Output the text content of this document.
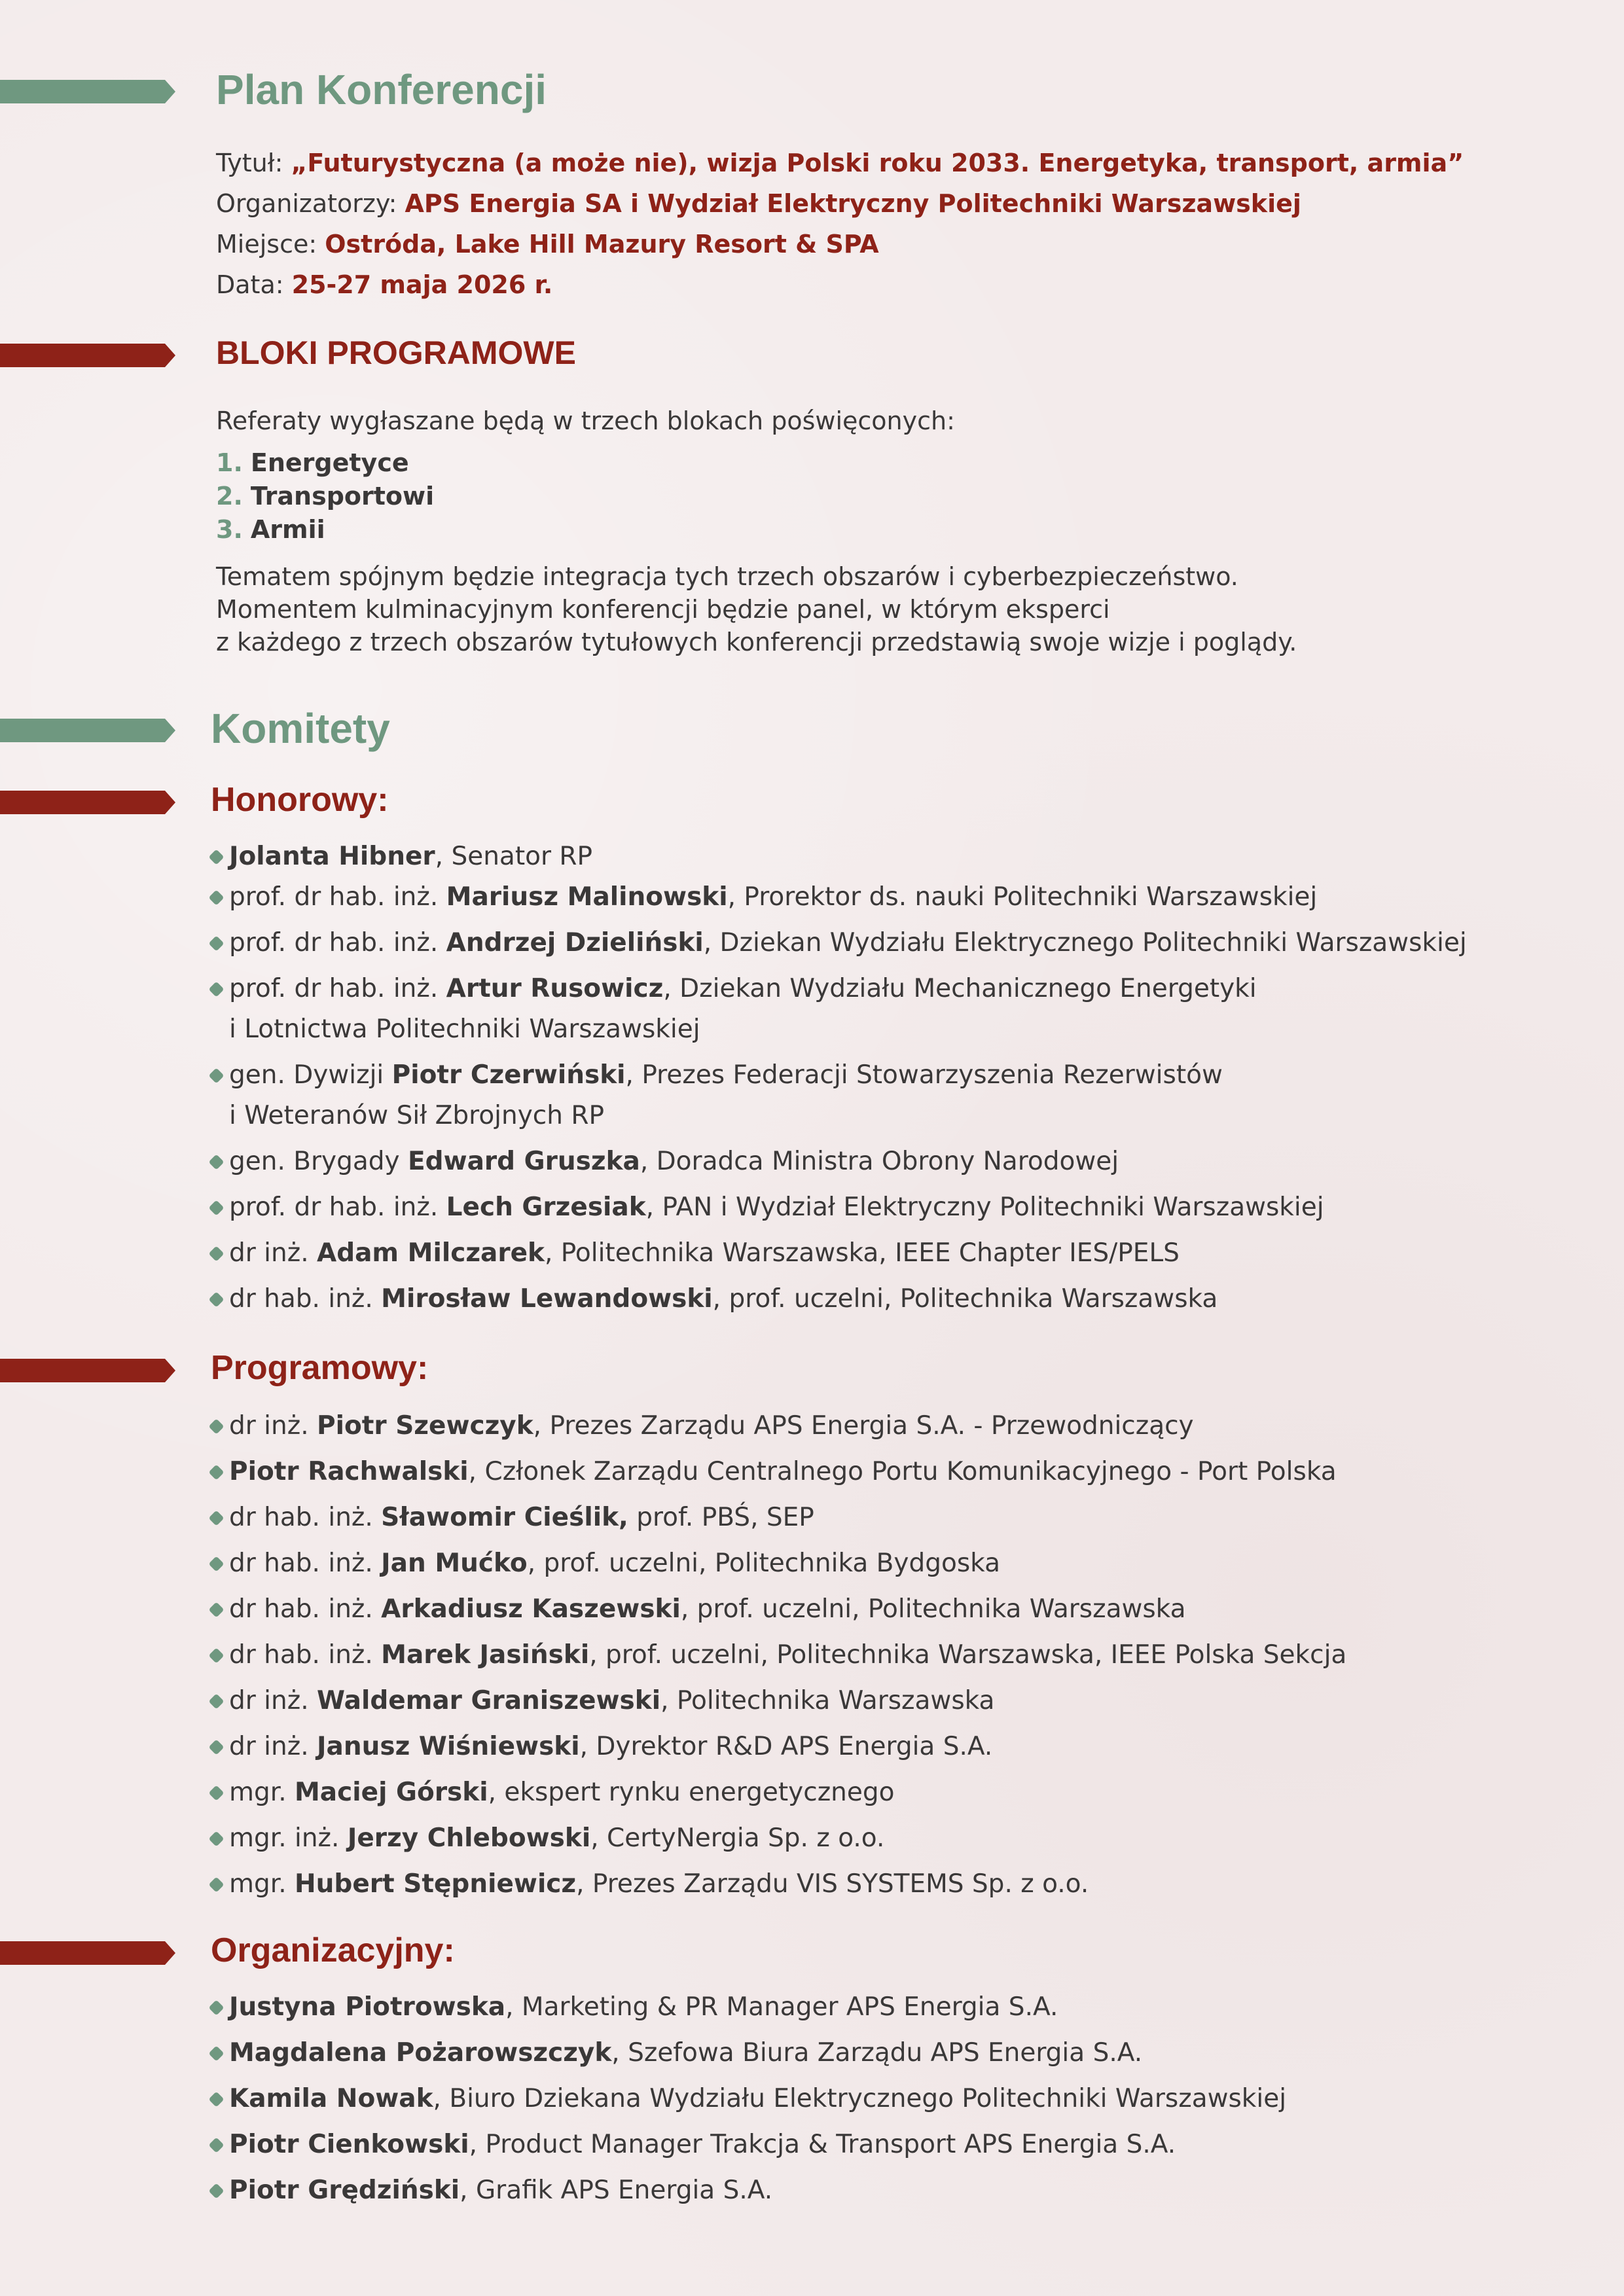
Plan Konferencji
Tytuł: „Futurystyczna (a może nie), wizja Polski roku 2033. Energetyka, transport, armia”
Organizatorzy: APS Energia SA i Wydział Elektryczny Politechniki Warszawskiej
Miejsce: Ostróda, Lake Hill Mazury Resort & SPA
Data: 25-27 maja 2026 r.
BLOKI PROGRAMOWE

Referaty wygłaszane będą w trzech blokach poświęconych:

1. Energetyce
2. Transportowi
3. Armii
Tematem spójnym będzie integracja tych trzech obszarów i cyberbezpieczeństwo.
Momentem kulminacyjnym konferencji będzie panel, w którym eksperci
z każdego z trzech obszarów tytułowych konferencji przedstawią swoje wizje i poglądy.
Komitety
Honorowy:
Jolanta Hibner, Senator RP
prof. dr hab. inż. Mariusz Malinowski, Prorektor ds. nauki Politechniki Warszawskiej
prof. dr hab. inż. Andrzej Dzieliński, Dziekan Wydziału Elektrycznego Politechniki Warszawskiej
prof. dr hab. inż. Artur Rusowicz, Dziekan Wydziału Mechanicznego Energetyki
i Lotnictwa Politechniki Warszawskiej
gen. Dywizji Piotr Czerwiński, Prezes Federacji Stowarzyszenia Rezerwistów
i Weteranów Sił Zbrojnych RP
gen. Brygady Edward Gruszka, Doradca Ministra Obrony Narodowej
prof. dr hab. inż. Lech Grzesiak, PAN i Wydział Elektryczny Politechniki Warszawskiej
dr inż. Adam Milczarek, Politechnika Warszawska, IEEE Chapter IES/PELS
dr hab. inż. Mirosław Lewandowski, prof. uczelni, Politechnika Warszawska
Programowy:
dr inż. Piotr Szewczyk, Prezes Zarządu APS Energia S.A. - Przewodniczący
Piotr Rachwalski, Członek Zarządu Centralnego Portu Komunikacyjnego - Port Polska
dr hab. inż. Sławomir Cieślik, prof. PBŚ, SEP
dr hab. inż. Jan Mućko, prof. uczelni, Politechnika Bydgoska
dr hab. inż. Arkadiusz Kaszewski, prof. uczelni, Politechnika Warszawska
dr hab. inż. Marek Jasiński, prof. uczelni, Politechnika Warszawska, IEEE Polska Sekcja
dr inż. Waldemar Graniszewski, Politechnika Warszawska
dr inż. Janusz Wiśniewski, Dyrektor R&D APS Energia S.A.
mgr. Maciej Górski, ekspert rynku energetycznego
mgr. inż. Jerzy Chlebowski, CertyNergia Sp. z o.o.
mgr. Hubert Stępniewicz, Prezes Zarządu VIS SYSTEMS Sp. z o.o.
Organizacyjny:
Justyna Piotrowska, Marketing & PR Manager APS Energia S.A.
Magdalena Pożarowszczyk, Szefowa Biura Zarządu APS Energia S.A.
Kamila Nowak, Biuro Dziekana Wydziału Elektrycznego Politechniki Warszawskiej
Piotr Cienkowski, Product Manager Trakcja & Transport APS Energia S.A.
Piotr Grędziński, Grafik APS Energia S.A.
